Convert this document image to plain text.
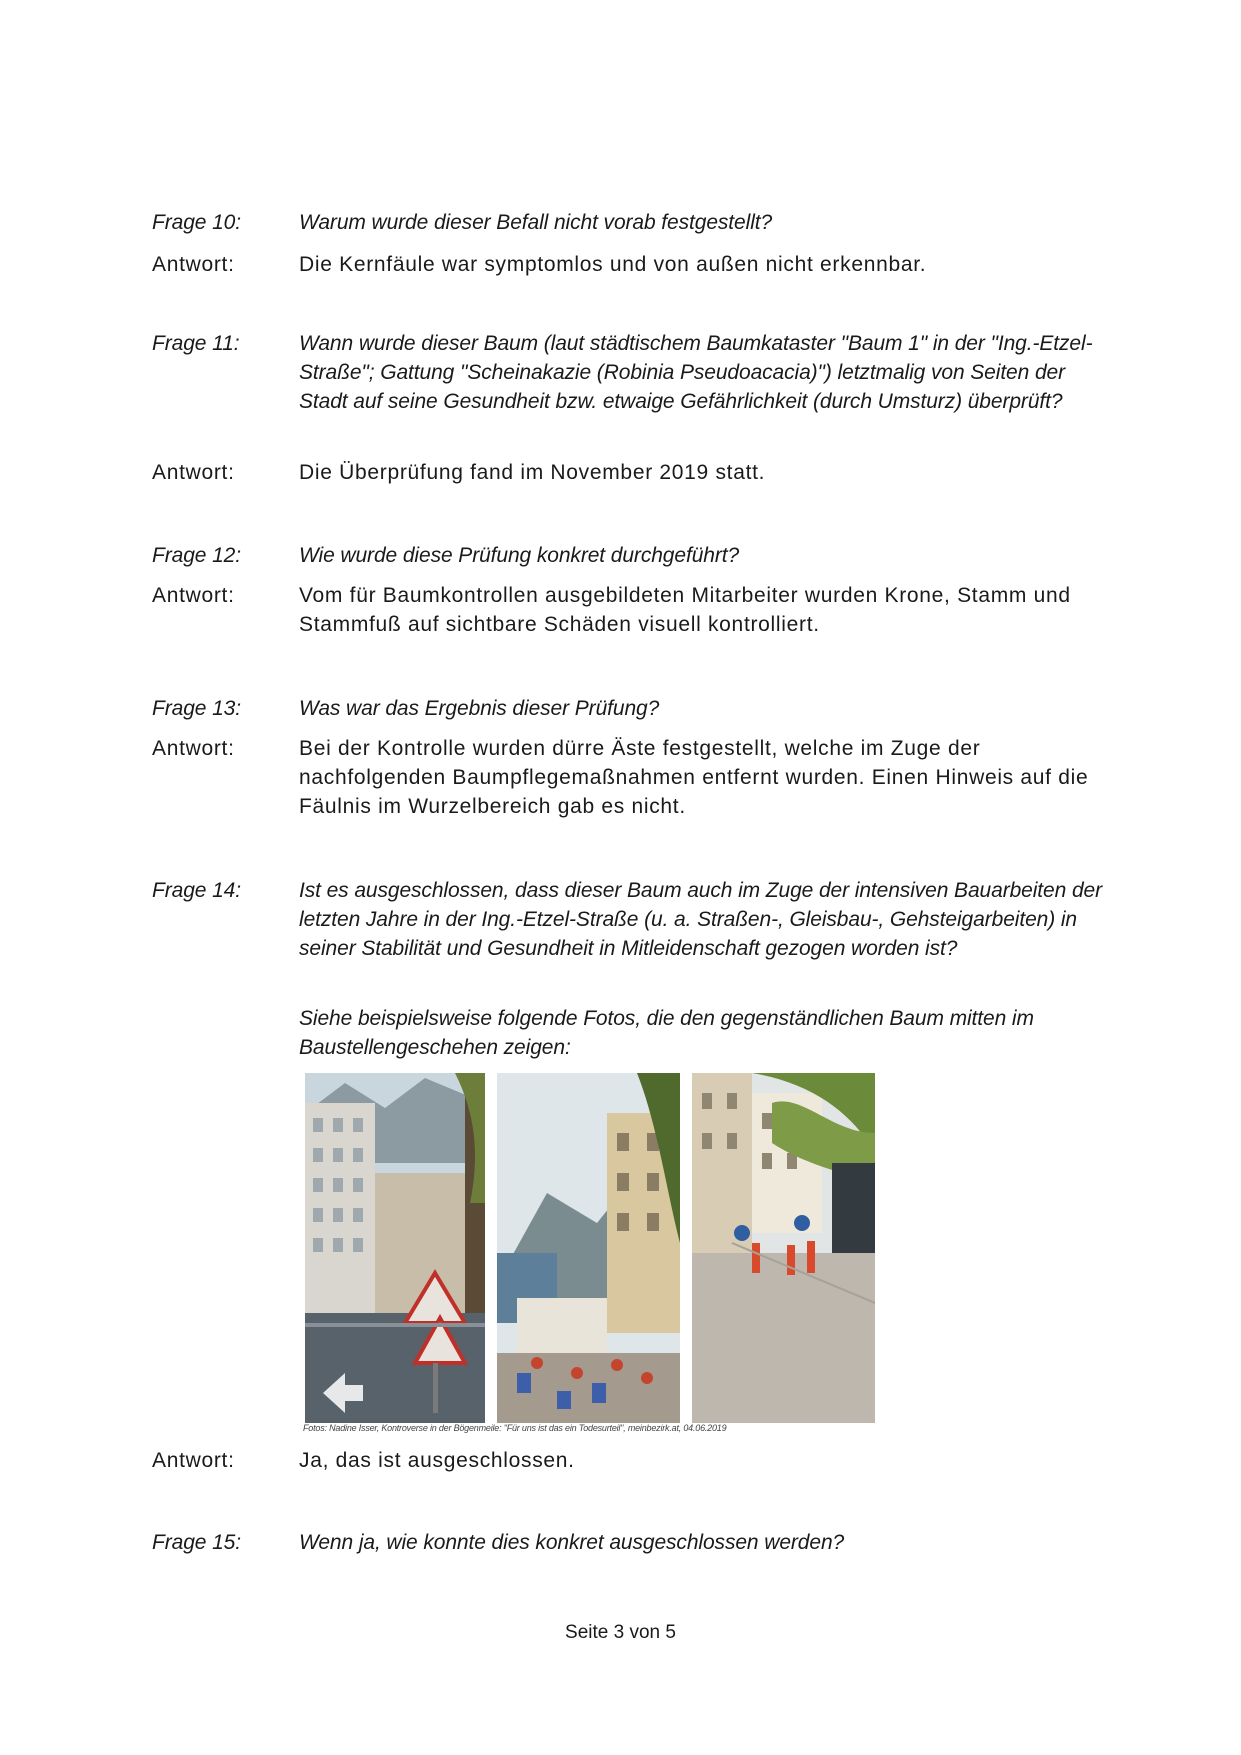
Frage 10:	Warum wurde dieser Befall nicht vorab festgestellt?

Antwort:	Die Kernfäule war symptomlos und von außen nicht erkennbar.

Frage 11:	Wann wurde dieser Baum (laut städtischem Baumkataster "Baum 1" in der "Ing.-Etzel-Straße"; Gattung "Scheinakazie (Robinia Pseudoacacia)") letztmalig von Seiten der Stadt auf seine Gesundheit bzw. etwaige Gefährlichkeit (durch Umsturz) überprüft?

Antwort:	Die Überprüfung fand im November 2019 statt.

Frage 12:	Wie wurde diese Prüfung konkret durchgeführt?

Antwort:	Vom für Baumkontrollen ausgebildeten Mitarbeiter wurden Krone, Stamm und Stammfuß auf sichtbare Schäden visuell kontrolliert.

Frage 13:	Was war das Ergebnis dieser Prüfung?

Antwort:	Bei der Kontrolle wurden dürre Äste festgestellt, welche im Zuge der nachfolgenden Baumpflegemaßnahmen entfernt wurden. Einen Hinweis auf die Fäulnis im Wurzelbereich gab es nicht.

Frage 14:	Ist es ausgeschlossen, dass dieser Baum auch im Zuge der intensiven Bauarbeiten der letzten Jahre in der Ing.-Etzel-Straße (u. a. Straßen-, Gleisbau-, Gehsteigarbeiten) in seiner Stabilität und Gesundheit in Mitleidenschaft gezogen worden ist?

Siehe beispielsweise folgende Fotos, die den gegenständlichen Baum mitten im Baustellengeschehen zeigen:

Fotos: Nadine Isser, Kontroverse in der Bögenmeile: "Für uns ist das ein Todesurteil", meinbezirk.at, 04.06.2019
Antwort:	Ja, das ist ausgeschlossen.

Frage 15:	Wenn ja, wie konnte dies konkret ausgeschlossen werden?

Seite 3 von 5
